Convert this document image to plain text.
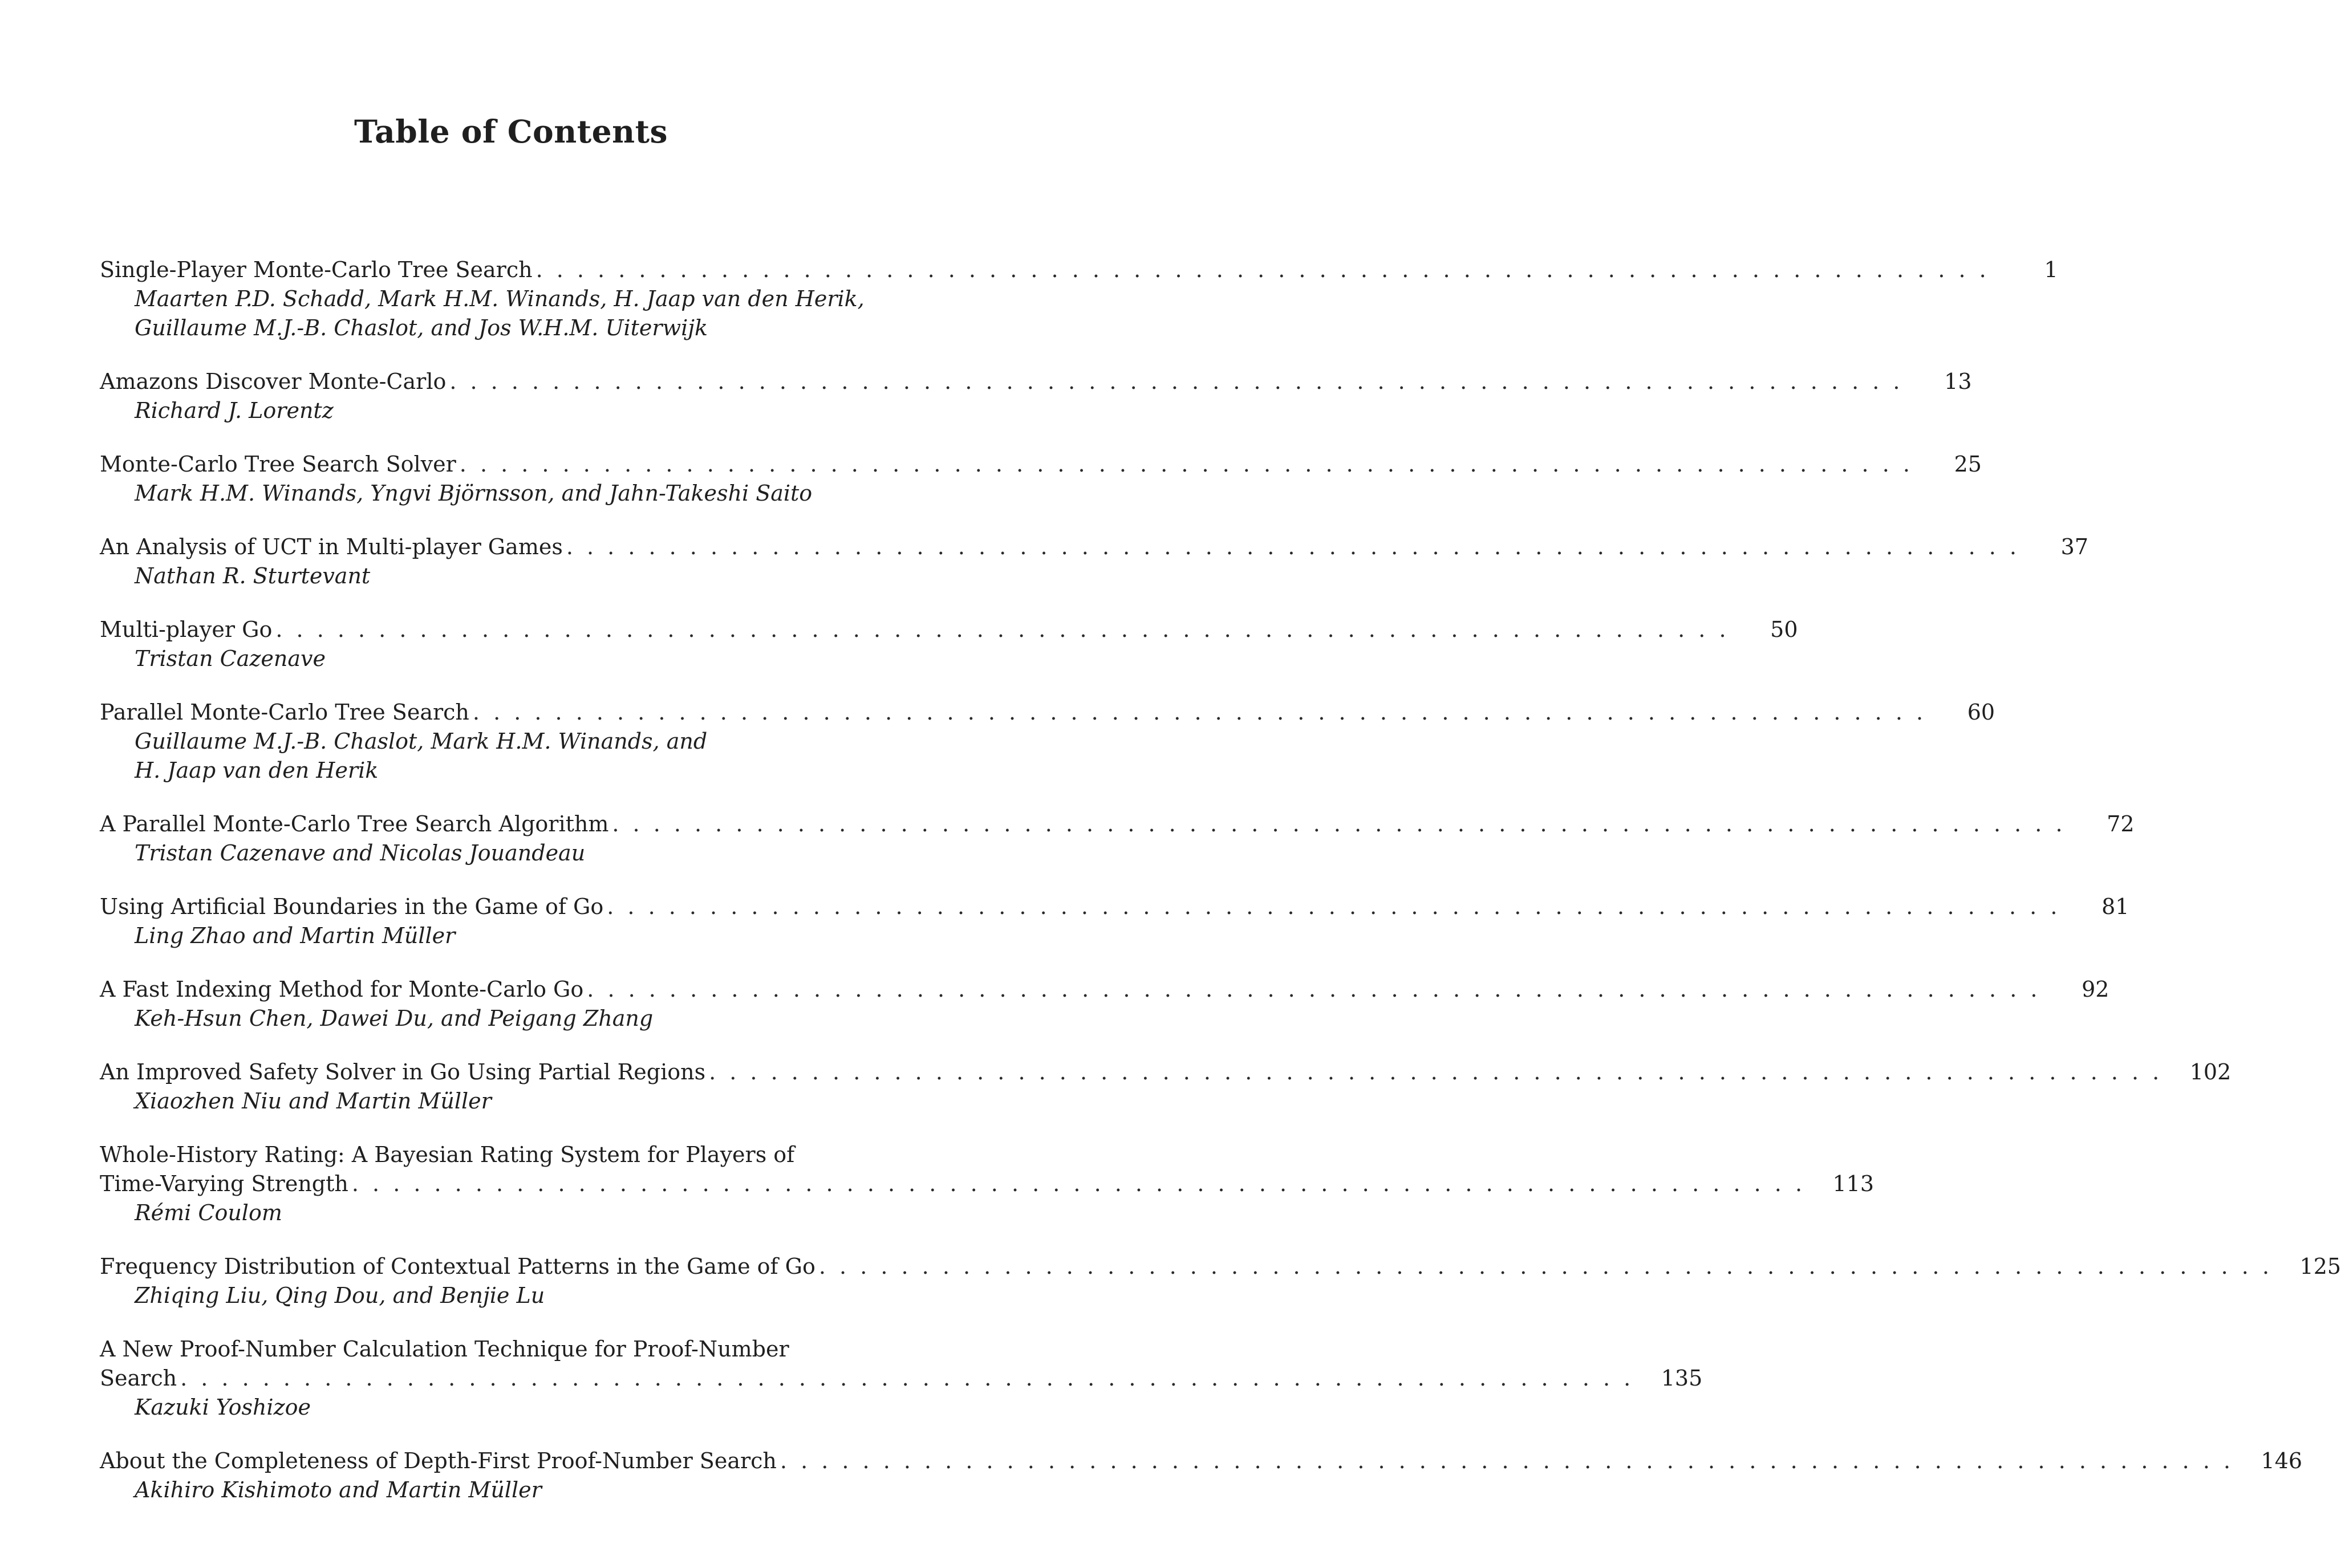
Table of Contents
Single-Player Monte-Carlo Tree Search . . . . . . . . . . . . . . . . . . . . . . . . . . . . . . . . . . . . . . . . . . . . . . . . . . . . . . . . . . . . . . . . . . . . . . .	1
Maarten P.D. Schadd, Mark H.M. Winands, H. Jaap van den Herik,
Guillaume M.J.-B. Chaslot, and Jos W.H.M. Uiterwijk
Amazons Discover Monte-Carlo . . . . . . . . . . . . . . . . . . . . . . . . . . . . . . . . . . . . . . . . . . . . . . . . . . . . . . . . . . . . . . . . . . . . . . .	13
Richard J. Lorentz
Monte-Carlo Tree Search Solver . . . . . . . . . . . . . . . . . . . . . . . . . . . . . . . . . . . . . . . . . . . . . . . . . . . . . . . . . . . . . . . . . . . . . . .	25
Mark H.M. Winands, Yngvi Björnsson, and Jahn-Takeshi Saito
An Analysis of UCT in Multi-player Games . . . . . . . . . . . . . . . . . . . . . . . . . . . . . . . . . . . . . . . . . . . . . . . . . . . . . . . . . . . . . . . . . . . . . . .	37
Nathan R. Sturtevant
Multi-player Go . . . . . . . . . . . . . . . . . . . . . . . . . . . . . . . . . . . . . . . . . . . . . . . . . . . . . . . . . . . . . . . . . . . . . . .	50
Tristan Cazenave
Parallel Monte-Carlo Tree Search . . . . . . . . . . . . . . . . . . . . . . . . . . . . . . . . . . . . . . . . . . . . . . . . . . . . . . . . . . . . . . . . . . . . . . .	60
Guillaume M.J.-B. Chaslot, Mark H.M. Winands, and
H. Jaap van den Herik
A Parallel Monte-Carlo Tree Search Algorithm . . . . . . . . . . . . . . . . . . . . . . . . . . . . . . . . . . . . . . . . . . . . . . . . . . . . . . . . . . . . . . . . . . . . . . .	72
Tristan Cazenave and Nicolas Jouandeau
Using Artificial Boundaries in the Game of Go . . . . . . . . . . . . . . . . . . . . . . . . . . . . . . . . . . . . . . . . . . . . . . . . . . . . . . . . . . . . . . . . . . . . . . .	81
Ling Zhao and Martin Müller
A Fast Indexing Method for Monte-Carlo Go . . . . . . . . . . . . . . . . . . . . . . . . . . . . . . . . . . . . . . . . . . . . . . . . . . . . . . . . . . . . . . . . . . . . . . .	92
Keh-Hsun Chen, Dawei Du, and Peigang Zhang
An Improved Safety Solver in Go Using Partial Regions . . . . . . . . . . . . . . . . . . . . . . . . . . . . . . . . . . . . . . . . . . . . . . . . . . . . . . . . . . . . . . . . . . . . . . .	102
Xiaozhen Niu and Martin Müller
Whole-History Rating: A Bayesian Rating System for Players of
Time-Varying Strength . . . . . . . . . . . . . . . . . . . . . . . . . . . . . . . . . . . . . . . . . . . . . . . . . . . . . . . . . . . . . . . . . . . . . . .	113
Rémi Coulom
Frequency Distribution of Contextual Patterns in the Game of Go . . . . . . . . . . . . . . . . . . . . . . . . . . . . . . . . . . . . . . . . . . . . . . . . . . . . . . . . . . . . . . . . . . . . . . .	125
Zhiqing Liu, Qing Dou, and Benjie Lu
A New Proof-Number Calculation Technique for Proof-Number
Search . . . . . . . . . . . . . . . . . . . . . . . . . . . . . . . . . . . . . . . . . . . . . . . . . . . . . . . . . . . . . . . . . . . . . . .	135
Kazuki Yoshizoe
About the Completeness of Depth-First Proof-Number Search . . . . . . . . . . . . . . . . . . . . . . . . . . . . . . . . . . . . . . . . . . . . . . . . . . . . . . . . . . . . . . . . . . . . . . .	146
Akihiro Kishimoto and Martin Müller
